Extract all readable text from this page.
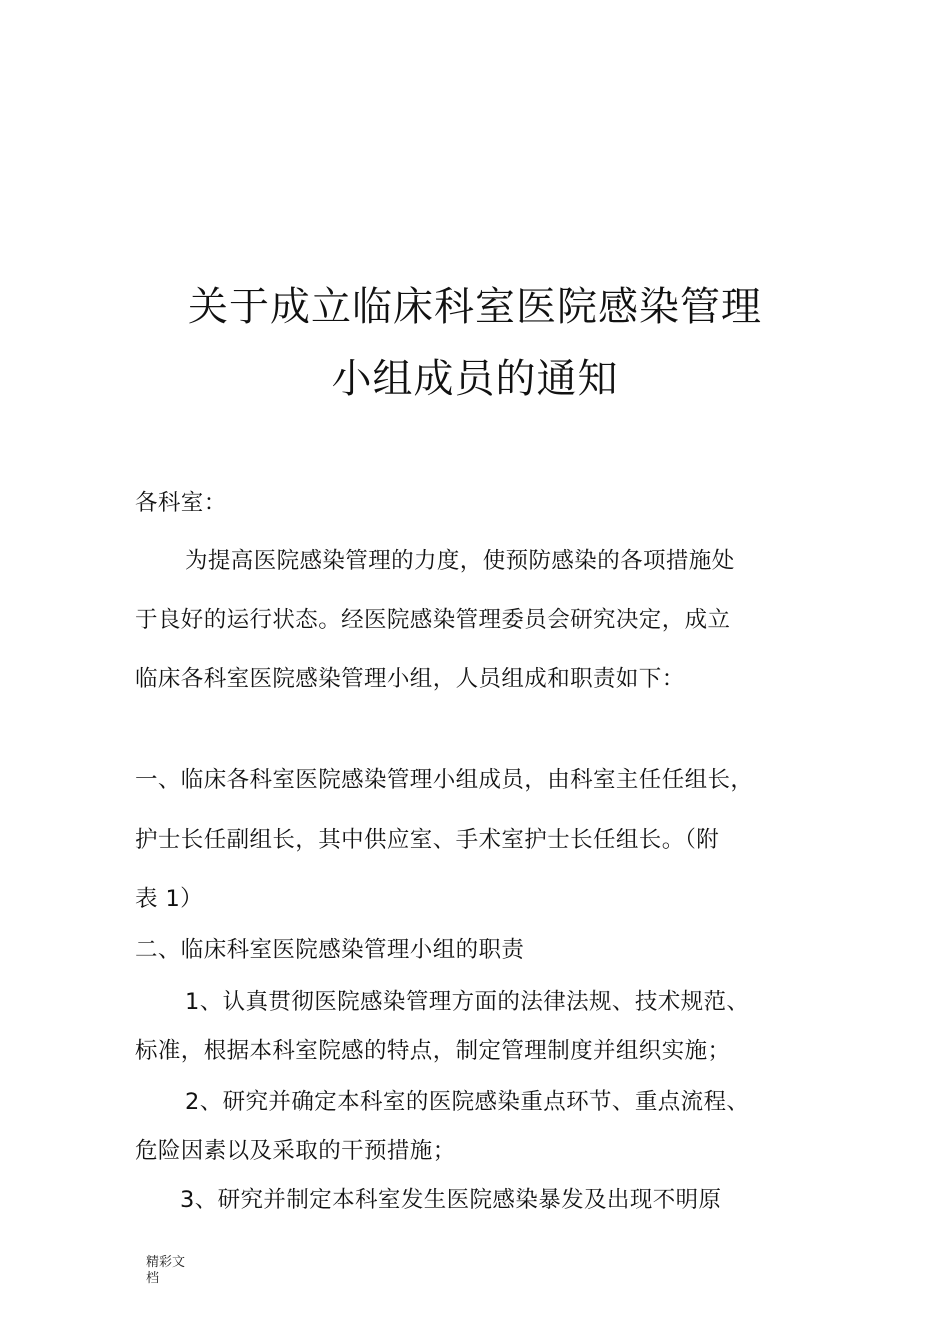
关于成立临床科室医院感染管理
小组成员的通知
各科室：
为提高医院感染管理的力度，使预防感染的各项措施处
于良好的运行状态。经医院感染管理委员会研究决定，成立
临床各科室医院感染管理小组，人员组成和职责如下：
一、临床各科室医院感染管理小组成员，由科室主任任组长，
护士长任副组长，其中供应室、手术室护士长任组长。（附
表 1）
二、临床科室医院感染管理小组的职责
1、认真贯彻医院感染管理方面的法律法规、技术规范、
标准，根据本科室院感的特点，制定管理制度并组织实施；
2、研究并确定本科室的医院感染重点环节、重点流程、
危险因素以及采取的干预措施；
3、研究并制定本科室发生医院感染暴发及出现不明原
精彩文档
